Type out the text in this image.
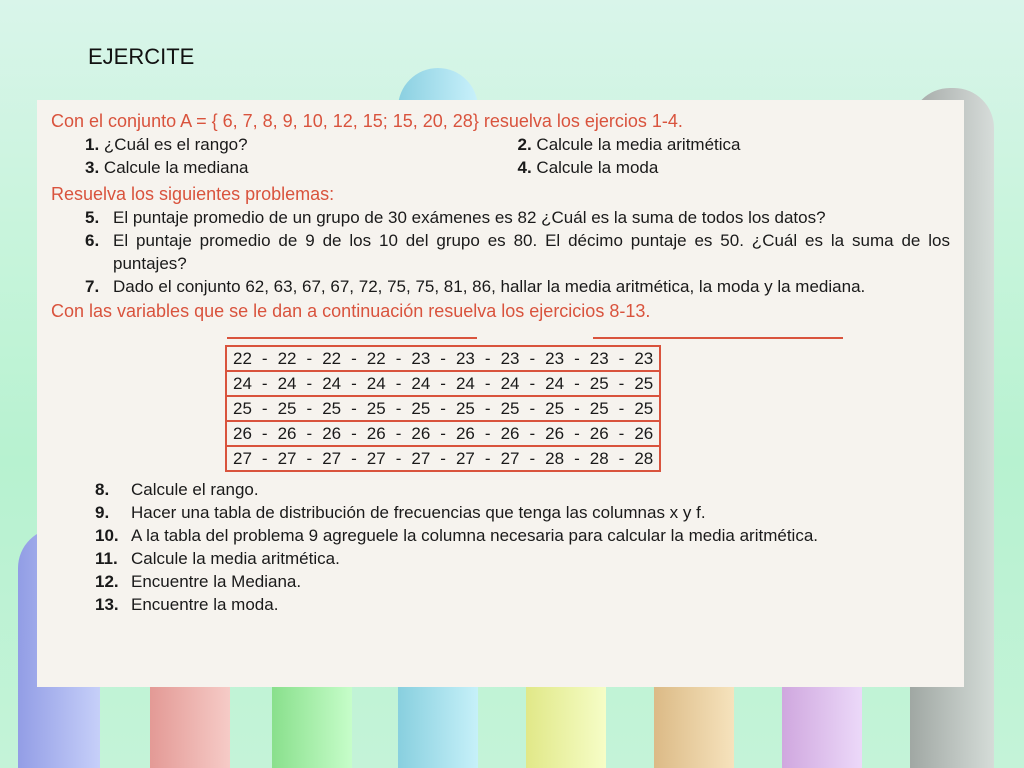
EJERCITE

Con el conjunto A = { 6, 7, 8, 9, 10, 12, 15; 15, 20, 28} resuelva los ejercios 1-4.

1. ¿Cuál es el rango?	2. Calcule la media aritmética
3. Calcule la mediana	4. Calcule la moda

Resuelva los siguientes problemas:

5. El puntaje promedio de un grupo de 30 exámenes es 82 ¿Cuál es la suma de todos los datos?
6. El puntaje promedio de 9 de los 10 del grupo es 80. El décimo puntaje es 50. ¿Cuál es la suma de los puntajes?
7. Dado el conjunto 62, 63, 67, 67, 72, 75, 75, 81, 86, hallar la media aritmética, la moda y la mediana.

Con las variables que se le dan a continuación resuelva los ejercicios 8-13.

22	-	22	-	22	-	22	-	23	-	23	-	23	-	23	-	23	-	23
24	-	24	-	24	-	24	-	24	-	24	-	24	-	24	-	25	-	25
25	-	25	-	25	-	25	-	25	-	25	-	25	-	25	-	25	-	25
26	-	26	-	26	-	26	-	26	-	26	-	26	-	26	-	26	-	26
27	-	27	-	27	-	27	-	27	-	27	-	27	-	28	-	28	-	28
8.	Calcule el rango.
9.	Hacer una tabla de distribución de frecuencias que tenga las columnas x y f.
10. A la tabla del problema 9 agreguele la columna necesaria para calcular la media aritmética.
11. Calcule la media aritmética.
12. Encuentre la Mediana.
13. Encuentre la moda.
